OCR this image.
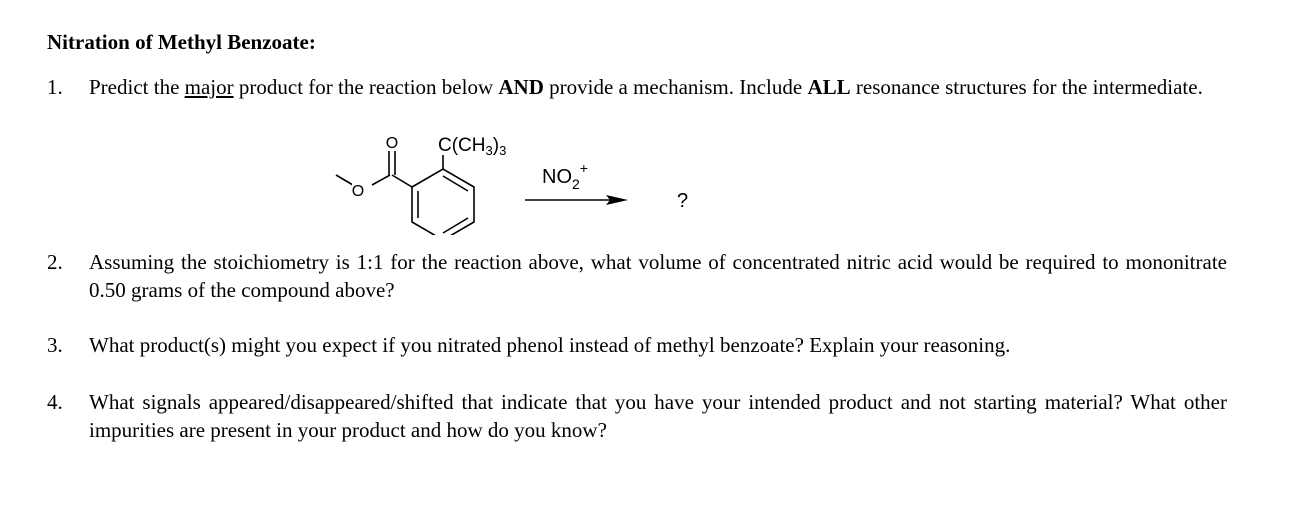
Nitration of Methyl Benzoate:
1. Predict the major product for the reaction below AND provide a mechanism. Include ALL resonance structures for the intermediate.
O
O $C(CH_3)_3$
$NO_2^+$
?
2. Assuming the stoichiometry is 1:1 for the reaction above, what volume of concentrated nitric acid would be required to mononitrate 0.50 grams of the compound above?
3. What product(s) might you expect if you nitrated phenol instead of methyl benzoate? Explain your reasoning.
4. What signals appeared/disappeared/shifted that indicate that you have your intended product and not starting material? What other impurities are present in your product and how do you know?
